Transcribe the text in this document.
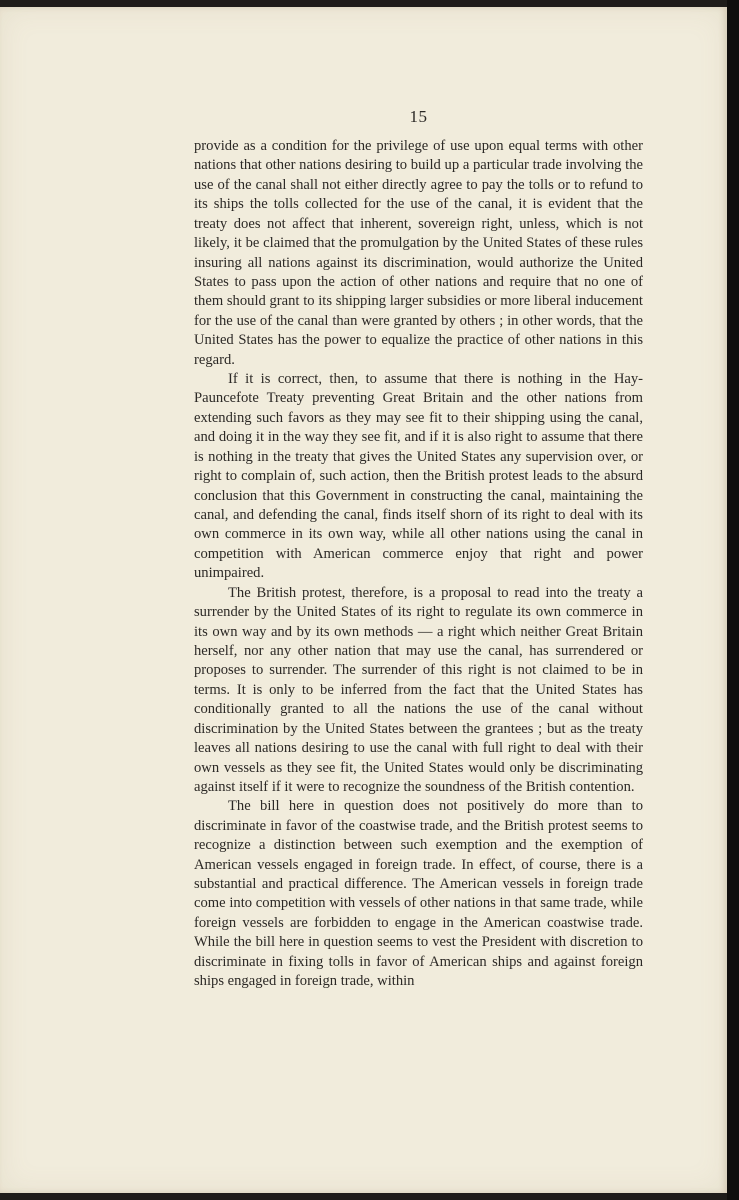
15

provide as a condition for the privilege of use upon equal terms with other nations that other nations desiring to build up a particular trade involving the use of the canal shall not either directly agree to pay the tolls or to refund to its ships the tolls collected for the use of the canal, it is evident that the treaty does not affect that inherent, sovereign right, unless, which is not likely, it be claimed that the promulgation by the United States of these rules insuring all nations against its discrimination, would authorize the United States to pass upon the action of other nations and require that no one of them should grant to its shipping larger subsidies or more liberal inducement for the use of the canal than were granted by others ; in other words, that the United States has the power to equalize the practice of other nations in this regard.

If it is correct, then, to assume that there is nothing in the Hay-Pauncefote Treaty preventing Great Britain and the other nations from extending such favors as they may see fit to their shipping using the canal, and doing it in the way they see fit, and if it is also right to assume that there is nothing in the treaty that gives the United States any supervision over, or right to complain of, such action, then the British protest leads to the absurd conclusion that this Government in constructing the canal, maintaining the canal, and defending the canal, finds itself shorn of its right to deal with its own commerce in its own way, while all other nations using the canal in competition with American commerce enjoy that right and power unimpaired.

The British protest, therefore, is a proposal to read into the treaty a surrender by the United States of its right to regulate its own commerce in its own way and by its own methods — a right which neither Great Britain herself, nor any other nation that may use the canal, has surrendered or proposes to surrender. The surrender of this right is not claimed to be in terms. It is only to be inferred from the fact that the United States has conditionally granted to all the nations the use of the canal without discrimination by the United States between the grantees ; but as the treaty leaves all nations desiring to use the canal with full right to deal with their own vessels as they see fit, the United States would only be discriminating against itself if it were to recognize the soundness of the British contention.

The bill here in question does not positively do more than to discriminate in favor of the coastwise trade, and the British protest seems to recognize a distinction between such exemption and the exemption of American vessels engaged in foreign trade. In effect, of course, there is a substantial and practical difference. The American vessels in foreign trade come into competition with vessels of other nations in that same trade, while foreign vessels are forbidden to engage in the American coastwise trade. While the bill here in question seems to vest the President with discretion to discriminate in fixing tolls in favor of American ships and against foreign ships engaged in foreign trade, within
